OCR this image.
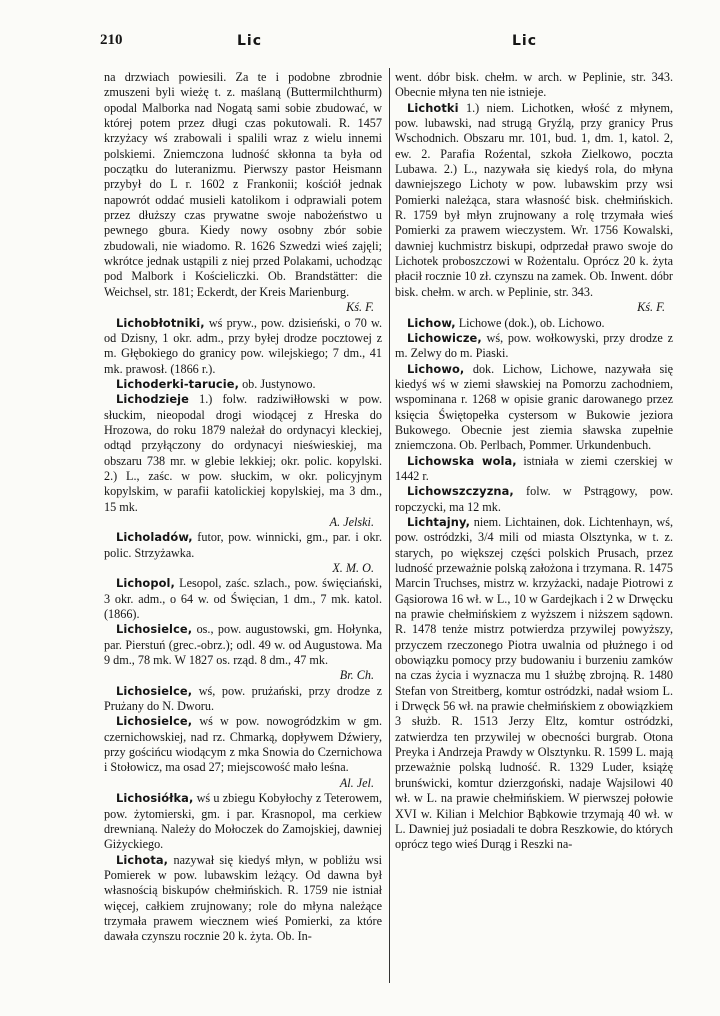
210	Lic	Lic

na drzwiach powiesili. Za te i podobne zbrodnie zmuszeni byli wieżę t. z. maślaną (Buttermilchthurm) opodal Malborka nad Nogatą sami sobie zbudować, w której potem przez długi czas pokutowali. R. 1457 krzyżacy wś zrabowali i spalili wraz z wielu innemi polskiemi. Zniemczona ludność skłonna ta była od początku do luteranizmu. Pierwszy pastor Heismann przybył do L r. 1602 z Frankonii; kościół jednak napowrót oddać musieli katolikom i odprawiali potem przez dłuższy czas prywatne swoje nabożeństwo u pewnego gbura. Kiedy nowy osobny zbór sobie zbudowali, nie wiadomo. R. 1626 Szwedzi wieś zajęli; wkrótce jednak ustąpili z niej przed Polakami, uchodząc pod Malbork i Kościeliczki. Ob. Brandstätter: die Weichsel, str. 181; Eckerdt, der Kreis Marienburg.

Kś. F.

Lichobłotniki, wś pryw., pow. dzisieński, o 70 w. od Dzisny, 1 okr. adm., przy byłej drodze pocztowej z m. Głębokiego do granicy pow. wilejskiego; 7 dm., 41 mk. prawosł. (1866 r.).

Lichoderki-tarucie, ob. Justynowo.

Lichodzieje 1.) folw. radziwiłłowski w pow. słuckim, nieopodal drogi wiodącej z Hreska do Hrozowa, do roku 1879 należał do ordynacyi kleckiej, odtąd przyłączony do ordynacyi nieświeskiej, ma obszaru 738 mr. w glebie lekkiej; okr. polic. kopylski. 2.) L., zaśc. w pow. słuckim, w okr. policyjnym kopylskim, w parafii katolickiej kopylskiej, ma 3 dm., 15 mk.

A. Jelski.

Licholadów, futor, pow. winnicki, gm., par. i okr. polic. Strzyżawka.

X. M. O.

Lichopol, Lesopol, zaśc. szlach., pow. święciański, 3 okr. adm., o 64 w. od Święcian, 1 dm., 7 mk. katol. (1866).

Lichosielce, os., pow. augustowski, gm. Hołynka, par. Pierstuń (grec.-obrz.); odl. 49 w. od Augustowa. Ma 9 dm., 78 mk. W 1827 os. rząd. 8 dm., 47 mk.

Br. Ch.

Lichosielce, wś, pow. prużański, przy drodze z Prużany do N. Dworu.

Lichosielce, wś w pow. nowogródzkim w gm. czernichowskiej, nad rz. Chmarką, dopływem Dźwiery, przy gościńcu wiodącym z mka Snowia do Czernichowa i Stołowicz, ma osad 27; miejscowość mało leśna.

Al. Jel.

Lichosiółka, wś u zbiegu Kobyłochy z Teterowem, pow. żytomierski, gm. i par. Krasnopol, ma cerkiew drewnianą. Należy do Mołoczek do Zamojskiej, dawniej Giżyckiego.

Lichota, nazywał się kiedyś młyn, w pobliżu wsi Pomierek w pow. lubawskim leżący. Od dawna był własnością biskupów chełmińskich. R. 1759 nie istniał więcej, całkiem zrujnowany; role do młyna należące trzymała prawem wiecznem wieś Pomierki, za które dawała czynszu rocznie 20 k. żyta. Ob. In-

went. dóbr bisk. chełm. w arch. w Peplinie, str. 343. Obecnie młyna ten nie istnieje.

Lichotki 1.) niem. Lichotken, włość z młynem, pow. lubawski, nad strugą Gryźlą, przy granicy Prus Wschodnich. Obszaru mr. 101, bud. 1, dm. 1, katol. 2, ew. 2. Parafia Roźental, szkoła Zielkowo, poczta Lubawa. 2.) L., nazywała się kiedyś rola, do młyna dawniejszego Lichoty w pow. lubawskim przy wsi Pomierki należąca, stara własność bisk. chełmińskich. R. 1759 był młyn zrujnowany a rolę trzymała wieś Pomierki za prawem wieczystem. Wr. 1756 Kowalski, dawniej kuchmistrz biskupi, odprzedał prawo swoje do Lichotek proboszczowi w Rożentalu. Oprócz 20 k. żyta płacił rocznie 10 zł. czynszu na zamek. Ob. Inwent. dóbr bisk. chełm. w arch. w Peplinie, str. 343.

Kś. F.

Lichow, Lichowe (dok.), ob. Lichowo.

Lichowicze, wś, pow. wołkowyski, przy drodze z m. Zelwy do m. Piaski.

Lichowo, dok. Lichow, Lichowe, nazywała się kiedyś wś w ziemi sławskiej na Pomorzu zachodniem, wspominana r. 1268 w opisie granic darowanego przez księcia Świętopełka cystersom w Bukowie jeziora Bukowego. Obecnie jest ziemia sławska zupełnie zniemczona. Ob. Perlbach, Pommer. Urkundenbuch.

Lichowska wola, istniała w ziemi czerskiej w 1442 r.

Lichowszczyzna, folw. w Pstrągowy, pow. ropczycki, ma 12 mk.

Lichtajny, niem. Lichtainen, dok. Lichtenhayn, wś, pow. ostródzki, 3/4 mili od miasta Olsztynka, w t. z. starych, po większej części polskich Prusach, przez ludność przeważnie polską założona i trzymana. R. 1475 Marcin Truchses, mistrz w. krzyżacki, nadaje Piotrowi z Gąsiorowa 16 wł. w L., 10 w Gardejkach i 2 w Drwęcku na prawie chełmińskiem z wyższem i niższem sądown. R. 1478 tenże mistrz potwierdza przywilej powyższy, przyczem rzeczonego Piotra uwalnia od płużnego i od obowiązku pomocy przy budowaniu i burzeniu zamków na czas życia i wyznacza mu 1 służbę zbrojną. R. 1480 Stefan von Streitberg, komtur ostródzki, nadał wsiom L. i Drwęck 56 wł. na prawie chełmińskiem z obowiązkiem 3 służb. R. 1513 Jerzy Eltz, komtur ostródzki, zatwierdza ten przywilej w obecności burgrab. Otona Preyka i Andrzeja Prawdy w Olsztynku. R. 1599 L. mają przeważnie polską ludność. R. 1329 Luder, książę brunświcki, komtur dzierzgoński, nadaje Wajsilowi 40 wł. w L. na prawie chełmińskiem. W pierwszej połowie XVI w. Kilian i Melchior Bąbkowie trzymają 40 wł. w L. Dawniej już posiadali te dobra Reszkowie, do których oprócz tego wieś Durąg i Reszki na-
